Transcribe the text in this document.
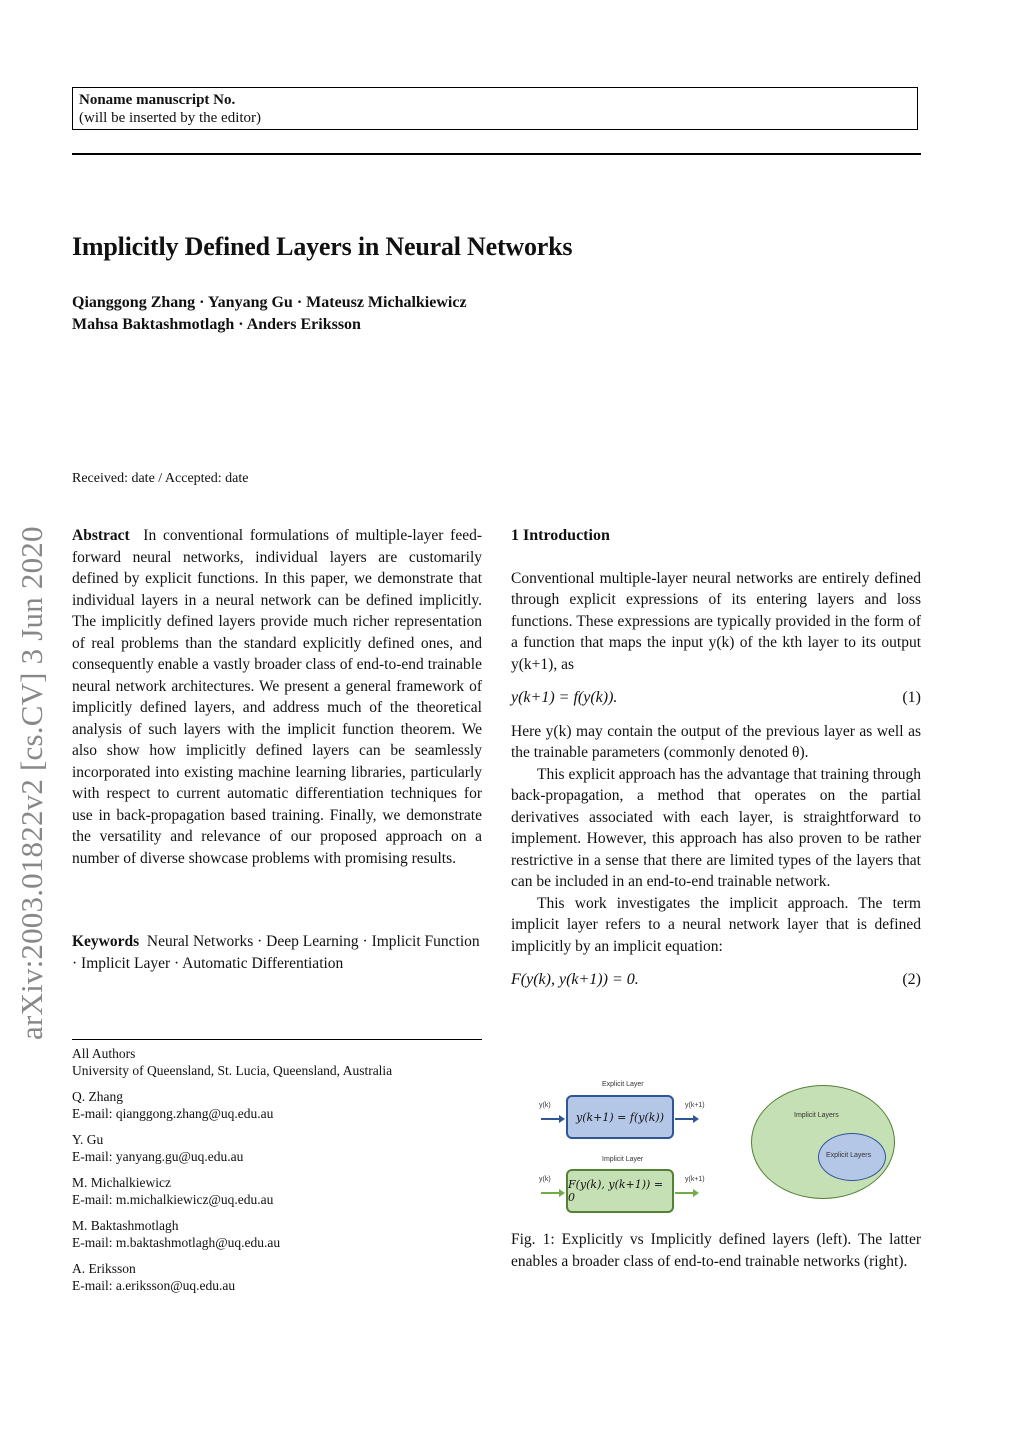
Noname manuscript No.
(will be inserted by the editor)
Implicitly Defined Layers in Neural Networks
Qianggong Zhang · Yanyang Gu · Mateusz Michalkiewicz
Mahsa Baktashmotlagh · Anders Eriksson
arXiv:2003.01822v2 [cs.CV] 3 Jun 2020
Received: date / Accepted: date

Abstract In conventional formulations of multiple-layer feed-forward neural networks, individual layers are customarily defined by explicit functions. In this paper, we demonstrate that individual layers in a neural network can be defined implicitly. The implicitly defined layers provide much richer representation of real problems than the standard explicitly defined ones, and consequently enable a vastly broader class of end-to-end trainable neural network architectures. We present a general framework of implicitly defined layers, and address much of the theoretical analysis of such layers with the implicit function theorem. We also show how implicitly defined layers can be seamlessly incorporated into existing machine learning libraries, particularly with respect to current automatic differentiation techniques for use in back-propagation based training. Finally, we demonstrate the versatility and relevance of our proposed approach on a number of diverse showcase problems with promising results.

Keywords Neural Networks · Deep Learning · Implicit Function · Implicit Layer · Automatic Differentiation
All Authors
University of Queensland, St. Lucia, Queensland, Australia
Q. Zhang
E-mail: qianggong.zhang@uq.edu.au
Y. Gu
E-mail: yanyang.gu@uq.edu.au
M. Michalkiewicz
E-mail: m.michalkiewicz@uq.edu.au
M. Baktashmotlagh
E-mail: m.baktashmotlagh@uq.edu.au
A. Eriksson
E-mail: a.eriksson@uq.edu.au
1 Introduction

Conventional multiple-layer neural networks are entirely defined through explicit expressions of its entering layers and loss functions. These expressions are typically provided in the form of a function that maps the input y(k) of the kth layer to its output y(k+1), as

y(k+1) = f(y(k)).	(1)

Here y(k) may contain the output of the previous layer as well as the trainable parameters (commonly denoted θ).

This explicit approach has the advantage that training through back-propagation, a method that operates on the partial derivatives associated with each layer, is straightforward to implement. However, this approach has also proven to be rather restrictive in a sense that there are limited types of the layers that can be included in an end-to-end trainable network.

This work investigates the implicit approach. The term implicit layer refers to a neural network layer that is defined implicitly by an implicit equation:

F(y(k), y(k+1)) = 0.	(2)
Explicit Layer
y(k)
y(k+1) = f(y(k))
y(k+1)
Implicit Layer
y(k) F(y(k), y(k+1)) = 0
y(k+1)
Implicit Layers
Explicit Layers
Fig. 1: Explicitly vs Implicitly defined layers (left). The latter enables a broader class of end-to-end trainable networks (right).
